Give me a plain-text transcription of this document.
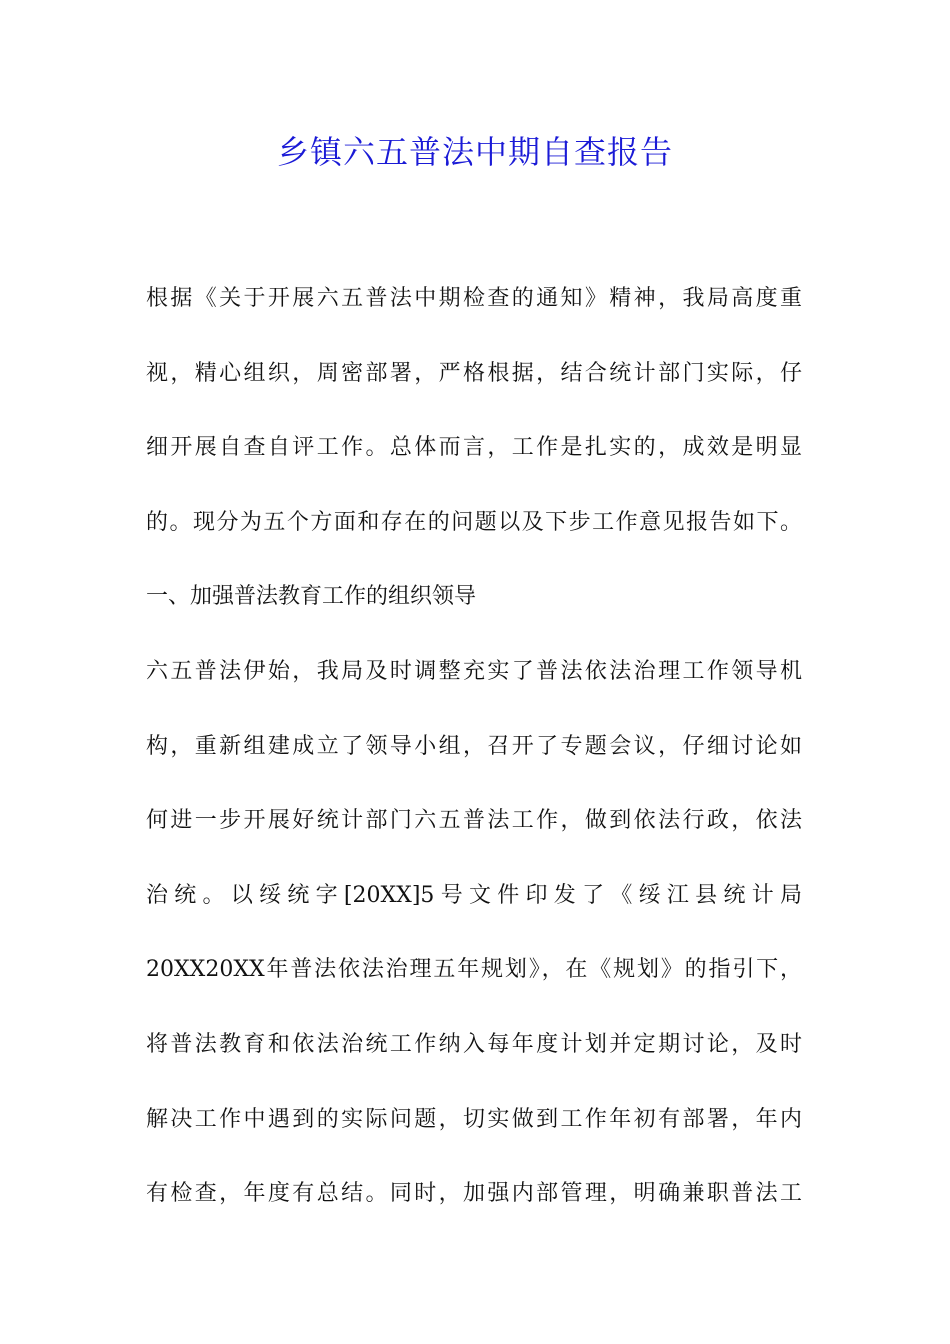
乡镇六五普法中期自查报告
根据《关于开展六五普法中期检查的通知》精神，我局高度重
视，精心组织，周密部署，严格根据，结合统计部门实际，仔
细开展自查自评工作。总体而言，工作是扎实的，成效是明显
的。现分为五个方面和存在的问题以及下步工作意见报告如下。
一、加强普法教育工作的组织领导
六五普法伊始，我局及时调整充实了普法依法治理工作领导机
构，重新组建成立了领导小组，召开了专题会议，仔细讨论如
何进一步开展好统计部门六五普法工作，做到依法行政，依法
治统。以绥统字[20XX]5号文件印发了《绥江县统计局
20XX20XX年普法依法治理五年规划》，在《规划》的指引下，
将普法教育和依法治统工作纳入每年度计划并定期讨论，及时
解决工作中遇到的实际问题，切实做到工作年初有部署，年内
有检查，年度有总结。同时，加强内部管理，明确兼职普法工
